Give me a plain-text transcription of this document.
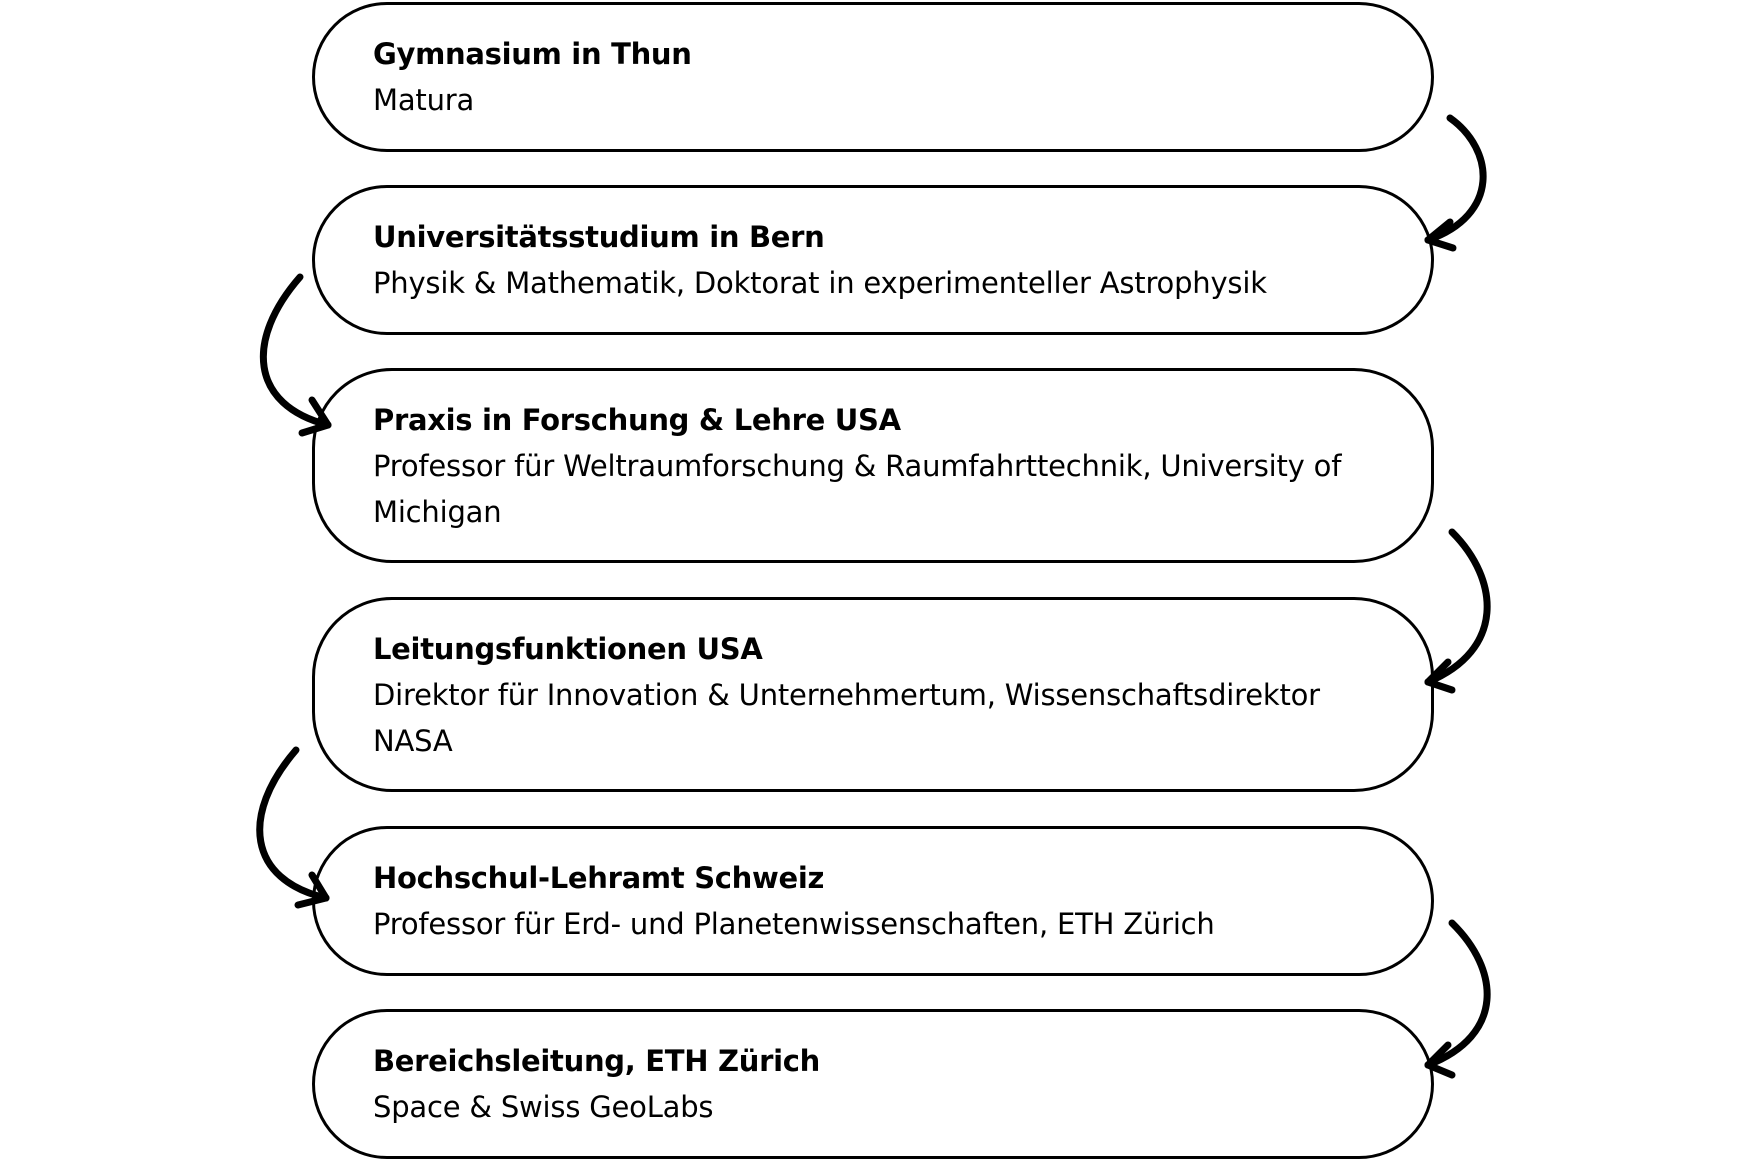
Gymnasium in Thun
Matura
Universitätsstudium in Bern
Physik & Mathematik, Doktorat in experimenteller Astrophysik
Praxis in Forschung & Lehre USA
Professor für Weltraumforschung & Raumfahrttechnik, University of Michigan
Leitungsfunktionen USA
Direktor für Innovation & Unternehmertum, Wissenschaftsdirektor NASA
Hochschul-Lehramt Schweiz
Professor für Erd- und Planetenwissenschaften, ETH Zürich
Bereichsleitung, ETH Zürich
Space & Swiss GeoLabs
